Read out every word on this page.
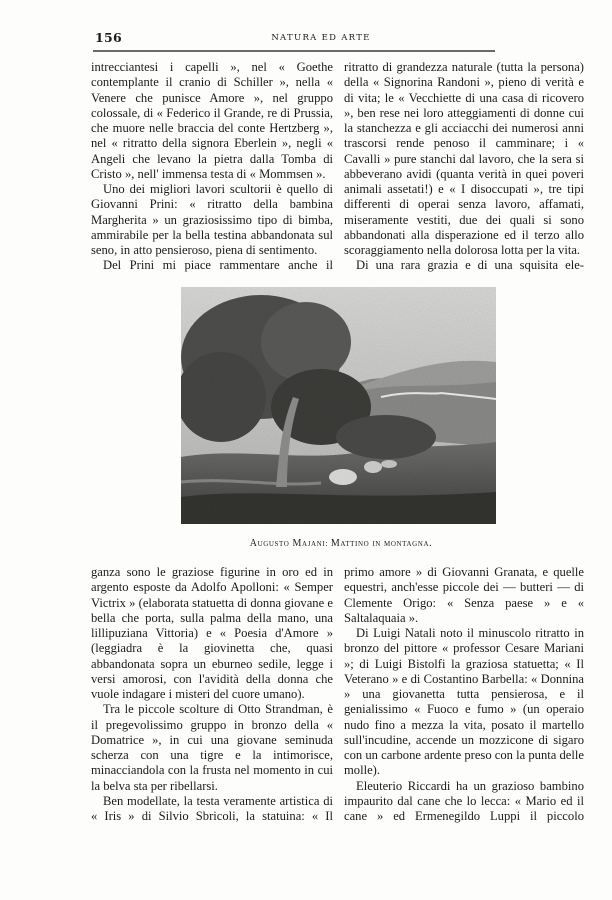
156	NATURA ED ARTE

intrecciantesi i capelli », nel « Goethe contemplante il cranio di Schiller », nella « Venere che punisce Amore », nel gruppo colossale, di « Federico il Grande, re di Prussia, che muore nelle braccia del conte Hertzberg », nel « ritratto della signora Eberlein », negli « Angeli che levano la pietra dalla Tomba di Cristo », nell' immensa testa di « Mommsen ».

Uno dei migliori lavori scultorii è quello di Giovanni Prini: « ritratto della bambina Margherita » un graziosissimo tipo di bimba, ammirabile per la bella testina abbandonata sul seno, in atto pensieroso, piena di sentimento.

Del Prini mi piace rammentare anche il

ritratto di grandezza naturale (tutta la persona) della « Signorina Randoni », pieno di verità e di vita; le « Vecchiette di una casa di ricovero », ben rese nei loro atteggiamenti di donne cui la stanchezza e gli acciacchi dei numerosi anni trascorsi rende penoso il camminare; i « Cavalli » pure stanchi dal lavoro, che la sera si abbeverano avidi (quanta verità in quei poveri animali assetati!) e « I disoccupati », tre tipi differenti di operai senza lavoro, affamati, miseramente vestiti, due dei quali si sono abbandonati alla disperazione ed il terzo allo scoraggiamento nella dolorosa lotta per la vita.

Di una rara grazia e di una squisita ele-

Augusto Majani: Mattino in montagna.

ganza sono le graziose figurine in oro ed in argento esposte da Adolfo Apolloni: « Semper Victrix » (elaborata statuetta di donna giovane e bella che porta, sulla palma della mano, una lillipuziana Vittoria) e « Poesia d'Amore » (leggiadra è la giovinetta che, quasi abbandonata sopra un eburneo sedile, legge i versi amorosi, con l'avidità della donna che vuole indagare i misteri del cuore umano).

Tra le piccole scolture di Otto Strandman, è il pregevolissimo gruppo in bronzo della « Domatrice », in cui una giovane seminuda scherza con una tigre e la intimorisce, minacciandola con la frusta nel momento in cui la belva sta per ribellarsi.

Ben modellate, la testa veramente artistica di « Iris » di Silvio Sbricoli, la statuina: « Il

primo amore » di Giovanni Granata, e quelle equestri, anch'esse piccole dei — butteri — di Clemente Origo: « Senza paese » e « Saltalaquaia ».

Di Luigi Natali noto il minuscolo ritratto in bronzo del pittore « professor Cesare Mariani »; di Luigi Bistolfi la graziosa statuetta; « Il Veterano » e di Costantino Barbella: « Donnina » una giovanetta tutta pensierosa, e il genialissimo « Fuoco e fumo » (un operaio nudo fino a mezza la vita, posato il martello sull'incudine, accende un mozzicone di sigaro con un carbone ardente preso con la punta delle molle).

Eleuterio Riccardi ha un grazioso bambino impaurito dal cane che lo lecca: « Mario ed il cane » ed Ermenegildo Luppi il piccolo
